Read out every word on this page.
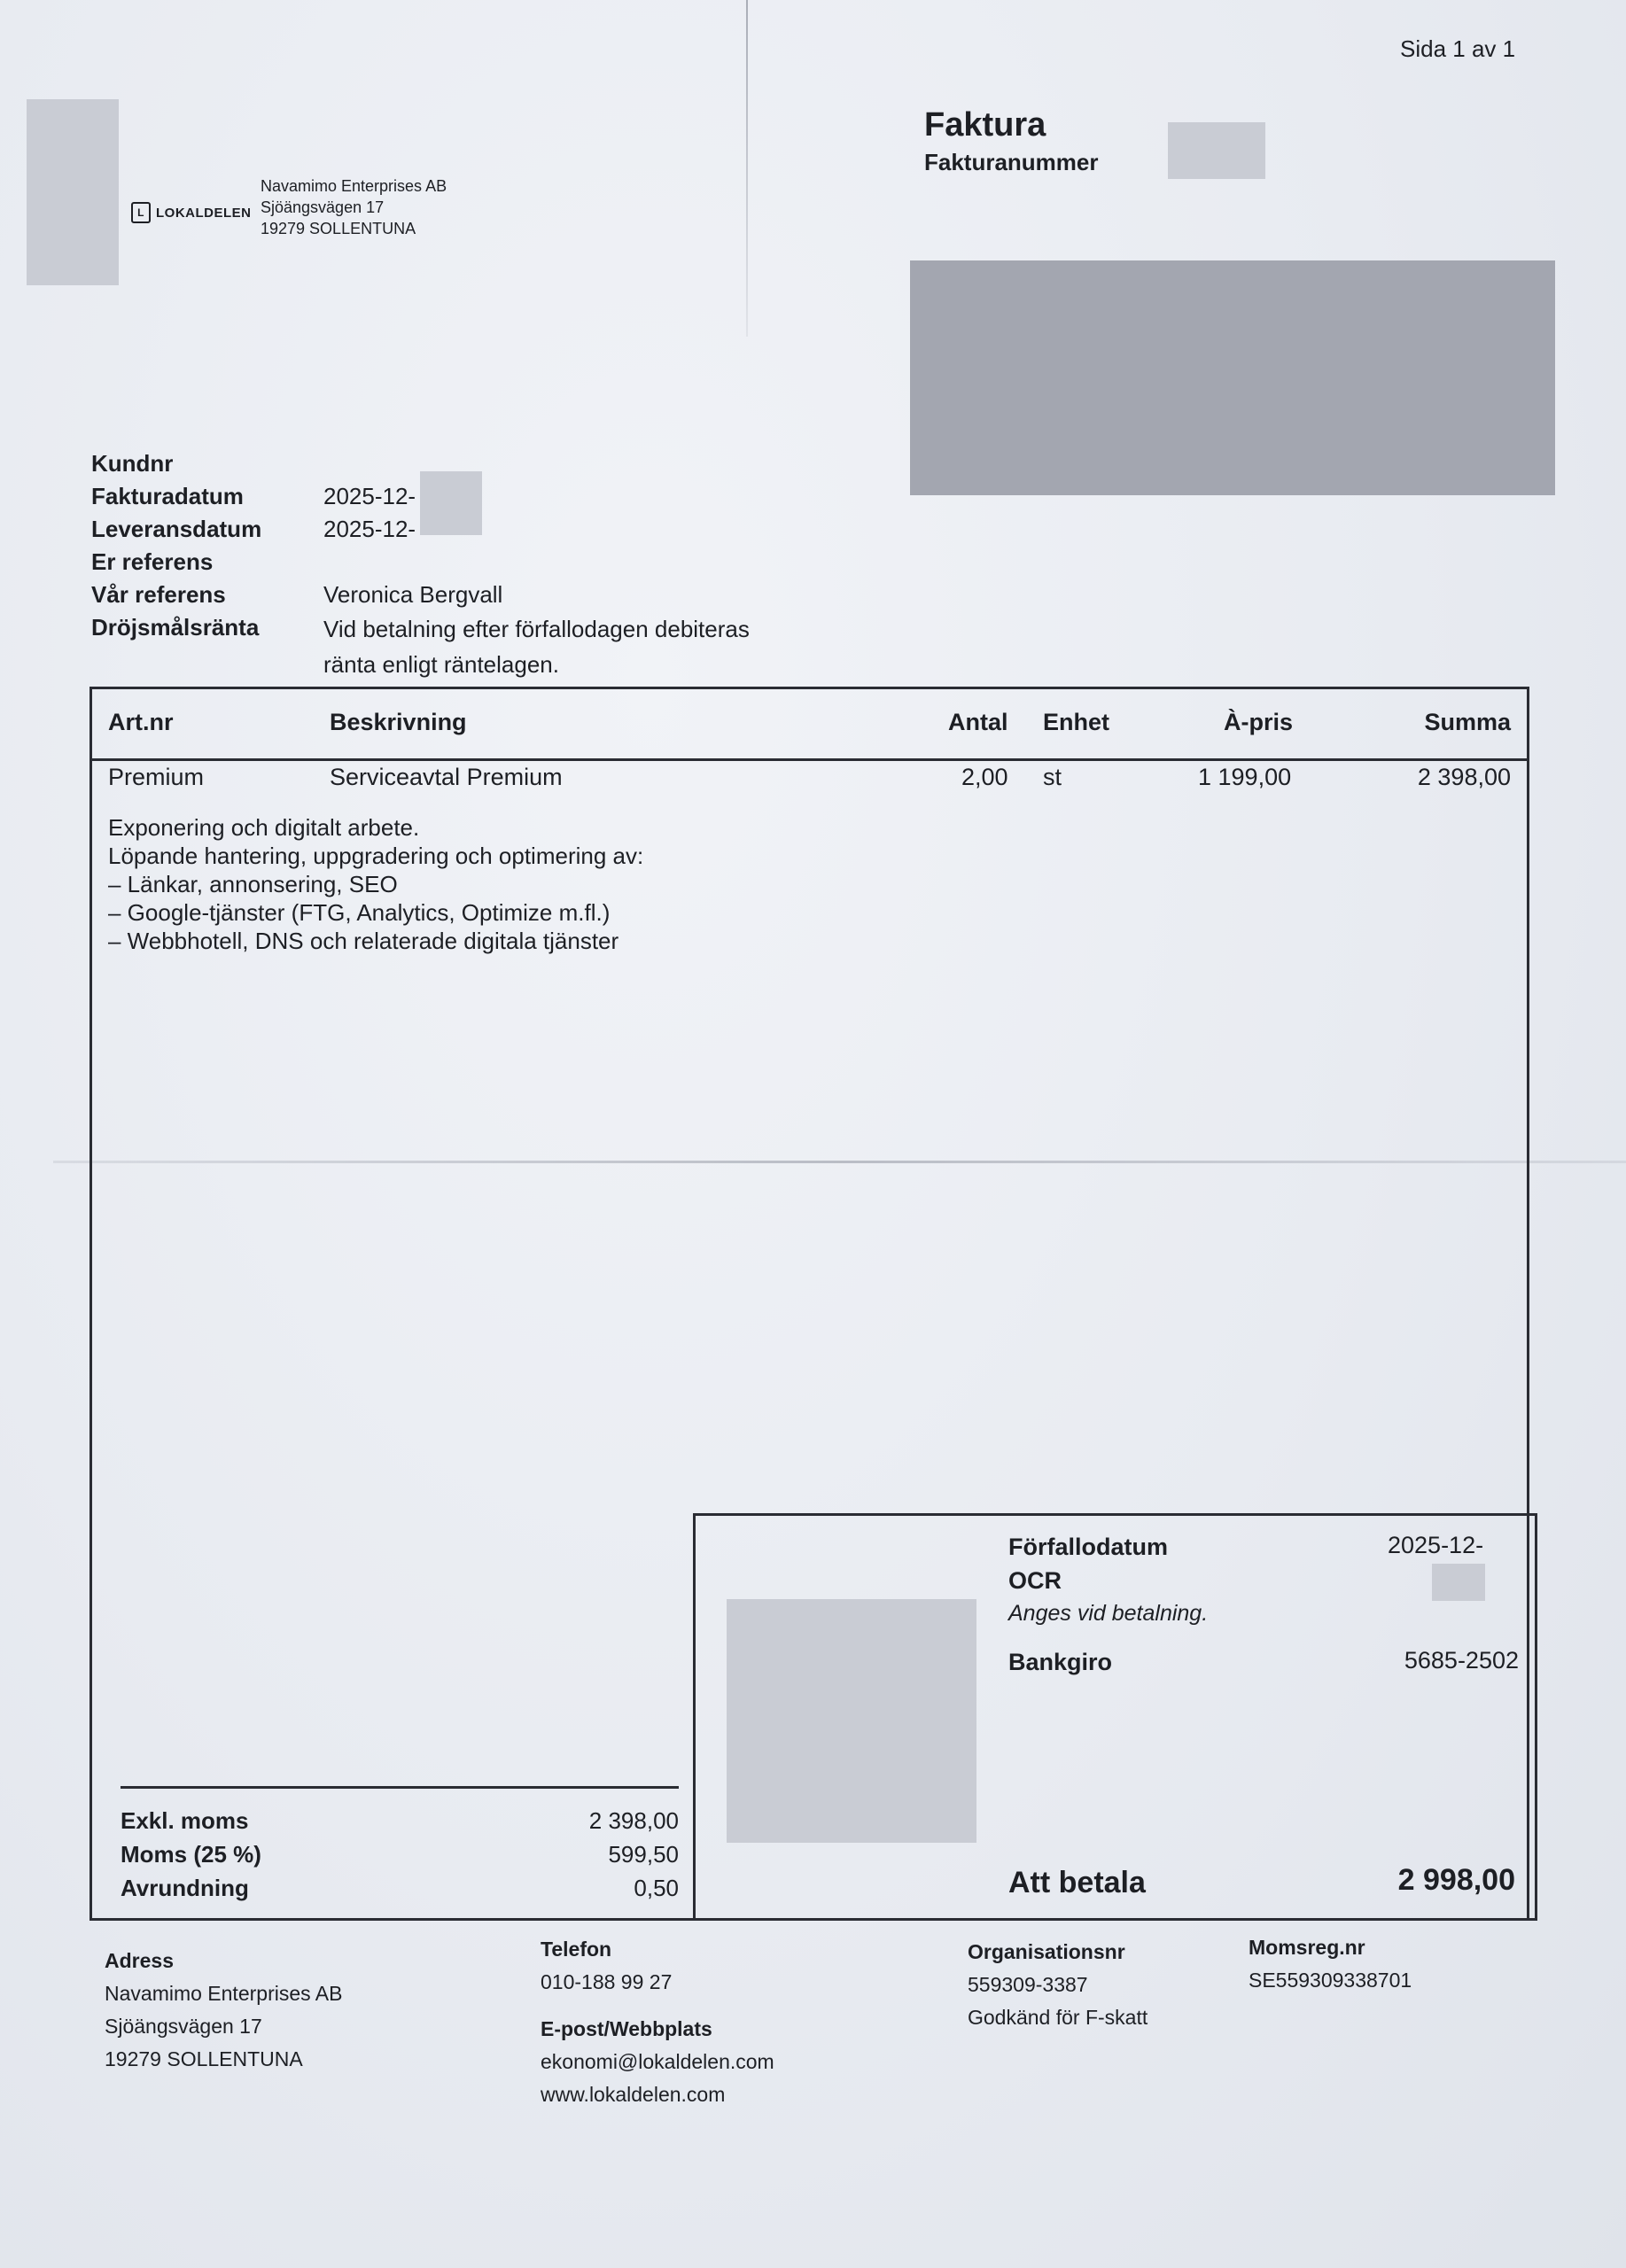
Sida 1 av 1
Faktura
Fakturanummer
L LOKALDELEN
Navamimo Enterprises AB
Sjöängsvägen 17
19279 SOLLENTUNA
Kundnr
Fakturadatum	2025-12-
Leveransdatum	2025-12-
Er referens
Vår referens	Veronica Bergvall
Dröjsmålsränta	Vid betalning efter förfallodagen debiteras
ränta enligt räntelagen.
Art.nr	Beskrivning	Antal Enhet	À-pris	Summa
Premium	Serviceavtal Premium	2,00 st	1 199,00	2 398,00
Exponering och digitalt arbete.
Löpande hantering, uppgradering och optimering av:
– Länkar, annonsering, SEO
– Google-tjänster (FTG, Analytics, Optimize m.fl.)
– Webbhotell, DNS och relaterade digitala tjänster
Exkl. moms	2 398,00
Moms (25 %)	599,50
Avrundning	0,50
Förfallodatum	2025-12-
OCR
Anges vid betalning.
Bankgiro	5685-2502
Att betala	2 998,00
Adress
Navamimo Enterprises AB
Sjöängsvägen 17
19279 SOLLENTUNA
Telefon
010-188 99 27
E-post/Webbplats
ekonomi@lokaldelen.com
www.lokaldelen.com
Organisationsnr
559309-3387
Godkänd för F-skatt
Momsreg.nr
SE559309338701
